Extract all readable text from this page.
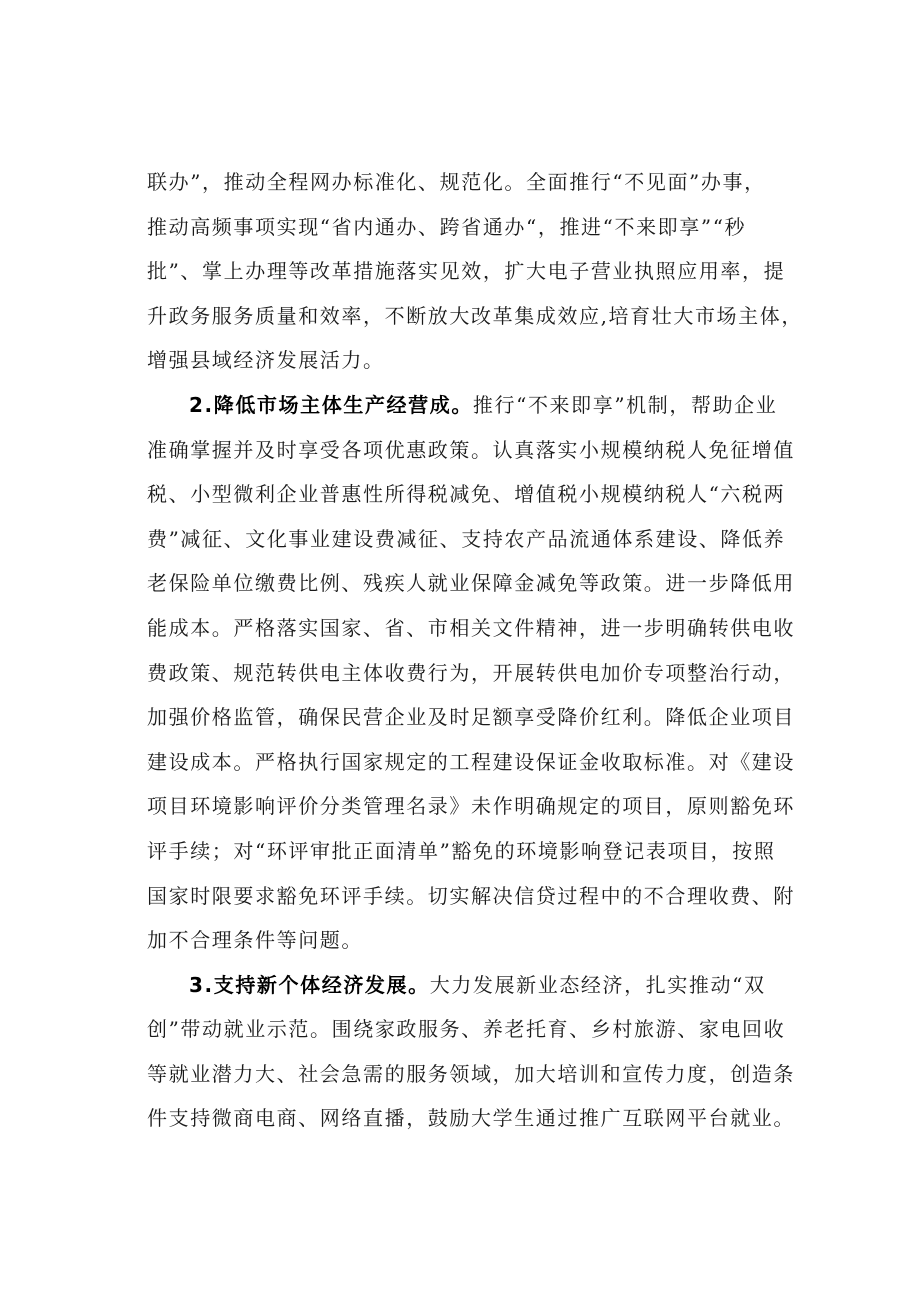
联办”，推动全程网办标准化、规范化。全面推行“不见面”办事，
推动高频事项实现“省内通办、跨省通办“，推进“不来即享”“秒
批”、掌上办理等改革措施落实见效，扩大电子营业执照应用率，提
升政务服务质量和效率，不断放大改革集成效应,培育壮大市场主体，
增强县域经济发展活力。

2.降低市场主体生产经营成。推行“不来即享”机制，帮助企业
准确掌握并及时享受各项优惠政策。认真落实小规模纳税人免征增值
税、小型微利企业普惠性所得税减免、增值税小规模纳税人“六税两
费”减征、文化事业建设费减征、支持农产品流通体系建设、降低养
老保险单位缴费比例、残疾人就业保障金减免等政策。进一步降低用
能成本。严格落实国家、省、市相关文件精神，进一步明确转供电收
费政策、规范转供电主体收费行为，开展转供电加价专项整治行动，
加强价格监管，确保民营企业及时足额享受降价红利。降低企业项目
建设成本。严格执行国家规定的工程建设保证金收取标准。对《建设
项目环境影响评价分类管理名录》未作明确规定的项目，原则豁免环
评手续；对“环评审批正面清单”豁免的环境影响登记表项目，按照
国家时限要求豁免环评手续。切实解决信贷过程中的不合理收费、附
加不合理条件等问题。

3.支持新个体经济发展。大力发展新业态经济，扎实推动“双
创”带动就业示范。围绕家政服务、养老托育、乡村旅游、家电回收
等就业潜力大、社会急需的服务领域，加大培训和宣传力度，创造条
件支持微商电商、网络直播，鼓励大学生通过推广互联网平台就业。
